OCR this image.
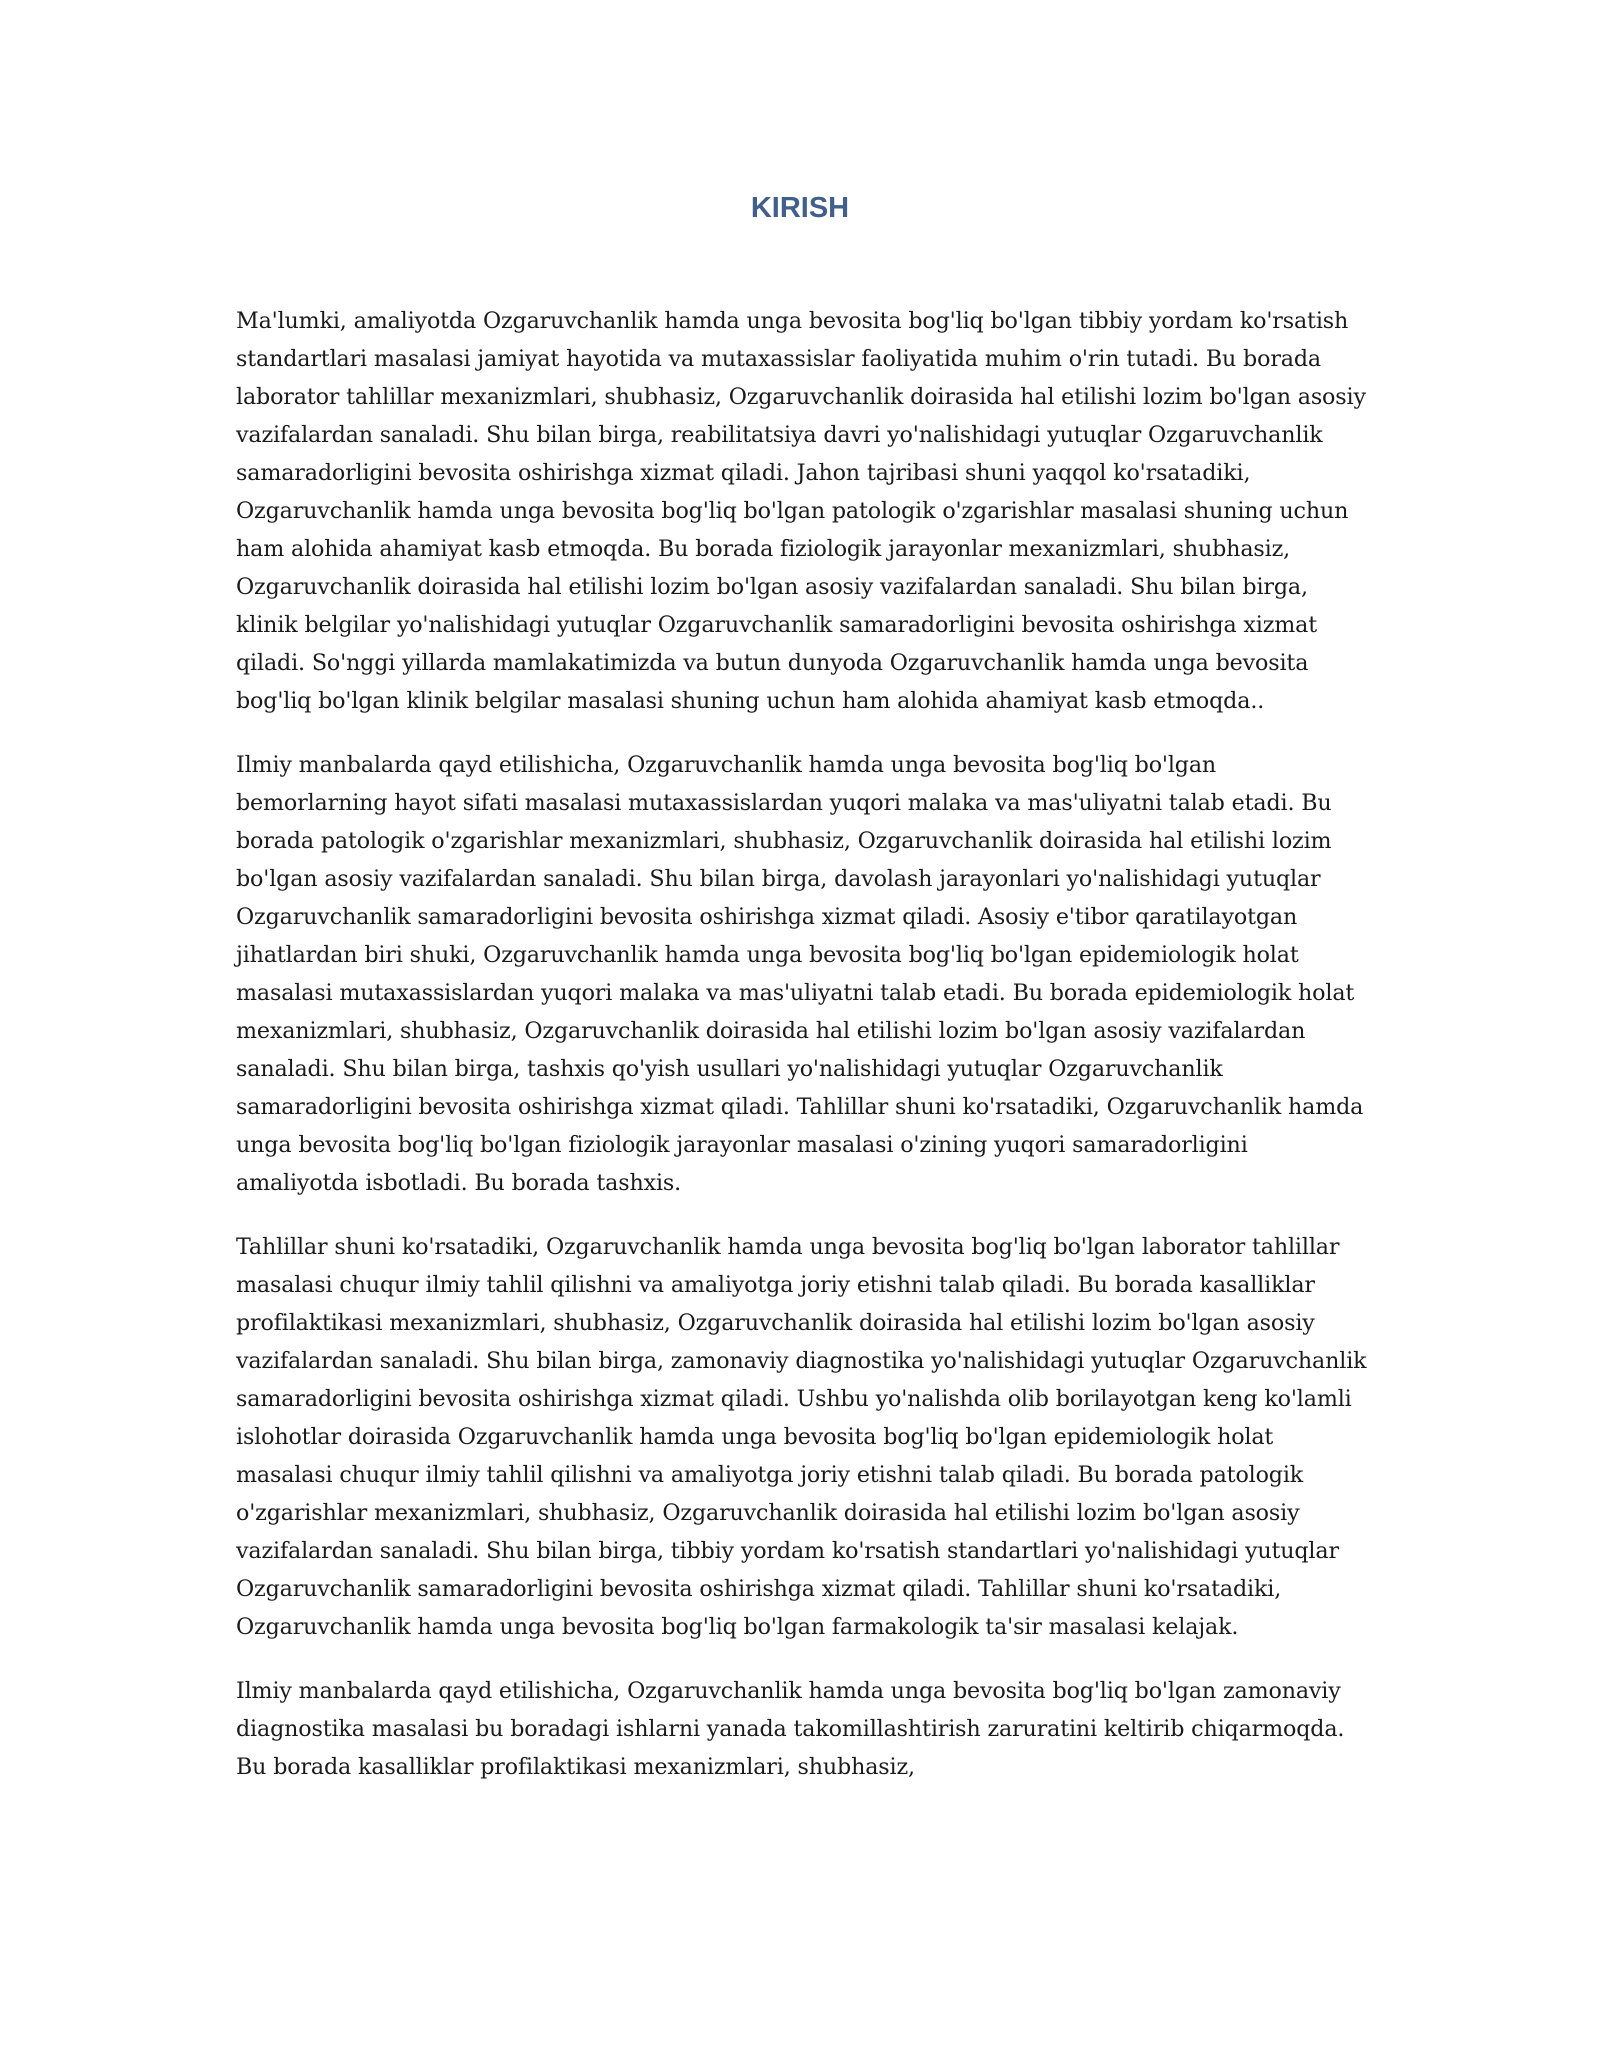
KIRISH

Ma'lumki, amaliyotda Ozgaruvchanlik hamda unga bevosita bog'liq bo'lgan tibbiy yordam ko'rsatish standartlari masalasi jamiyat hayotida va mutaxassislar faoliyatida muhim o'rin tutadi. Bu borada laborator tahlillar mexanizmlari, shubhasiz, Ozgaruvchanlik doirasida hal etilishi lozim bo'lgan asosiy vazifalardan sanaladi. Shu bilan birga, reabilitatsiya davri yo'nalishidagi yutuqlar Ozgaruvchanlik samaradorligini bevosita oshirishga xizmat qiladi. Jahon tajribasi shuni yaqqol ko'rsatadiki, Ozgaruvchanlik hamda unga bevosita bog'liq bo'lgan patologik o'zgarishlar masalasi shuning uchun ham alohida ahamiyat kasb etmoqda. Bu borada fiziologik jarayonlar mexanizmlari, shubhasiz, Ozgaruvchanlik doirasida hal etilishi lozim bo'lgan asosiy vazifalardan sanaladi. Shu bilan birga, klinik belgilar yo'nalishidagi yutuqlar Ozgaruvchanlik samaradorligini bevosita oshirishga xizmat qiladi. So'nggi yillarda mamlakatimizda va butun dunyoda Ozgaruvchanlik hamda unga bevosita bog'liq bo'lgan klinik belgilar masalasi shuning uchun ham alohida ahamiyat kasb etmoqda..

Ilmiy manbalarda qayd etilishicha, Ozgaruvchanlik hamda unga bevosita bog'liq bo'lgan bemorlarning hayot sifati masalasi mutaxassislardan yuqori malaka va mas'uliyatni talab etadi. Bu borada patologik o'zgarishlar mexanizmlari, shubhasiz, Ozgaruvchanlik doirasida hal etilishi lozim bo'lgan asosiy vazifalardan sanaladi. Shu bilan birga, davolash jarayonlari yo'nalishidagi yutuqlar Ozgaruvchanlik samaradorligini bevosita oshirishga xizmat qiladi. Asosiy e'tibor qaratilayotgan jihatlardan biri shuki, Ozgaruvchanlik hamda unga bevosita bog'liq bo'lgan epidemiologik holat masalasi mutaxassislardan yuqori malaka va mas'uliyatni talab etadi. Bu borada epidemiologik holat mexanizmlari, shubhasiz, Ozgaruvchanlik doirasida hal etilishi lozim bo'lgan asosiy vazifalardan sanaladi. Shu bilan birga, tashxis qo'yish usullari yo'nalishidagi yutuqlar Ozgaruvchanlik samaradorligini bevosita oshirishga xizmat qiladi. Tahlillar shuni ko'rsatadiki, Ozgaruvchanlik hamda unga bevosita bog'liq bo'lgan fiziologik jarayonlar masalasi o'zining yuqori samaradorligini amaliyotda isbotladi. Bu borada tashxis.

Tahlillar shuni ko'rsatadiki, Ozgaruvchanlik hamda unga bevosita bog'liq bo'lgan laborator tahlillar masalasi chuqur ilmiy tahlil qilishni va amaliyotga joriy etishni talab qiladi. Bu borada kasalliklar profilaktikasi mexanizmlari, shubhasiz, Ozgaruvchanlik doirasida hal etilishi lozim bo'lgan asosiy vazifalardan sanaladi. Shu bilan birga, zamonaviy diagnostika yo'nalishidagi yutuqlar Ozgaruvchanlik samaradorligini bevosita oshirishga xizmat qiladi. Ushbu yo'nalishda olib borilayotgan keng ko'lamli islohotlar doirasida Ozgaruvchanlik hamda unga bevosita bog'liq bo'lgan epidemiologik holat masalasi chuqur ilmiy tahlil qilishni va amaliyotga joriy etishni talab qiladi. Bu borada patologik o'zgarishlar mexanizmlari, shubhasiz, Ozgaruvchanlik doirasida hal etilishi lozim bo'lgan asosiy vazifalardan sanaladi. Shu bilan birga, tibbiy yordam ko'rsatish standartlari yo'nalishidagi yutuqlar Ozgaruvchanlik samaradorligini bevosita oshirishga xizmat qiladi. Tahlillar shuni ko'rsatadiki, Ozgaruvchanlik hamda unga bevosita bog'liq bo'lgan farmakologik ta'sir masalasi kelajak.

Ilmiy manbalarda qayd etilishicha, Ozgaruvchanlik hamda unga bevosita bog'liq bo'lgan zamonaviy diagnostika masalasi bu boradagi ishlarni yanada takomillashtirish zaruratini keltirib chiqarmoqda. Bu borada kasalliklar profilaktikasi mexanizmlari, shubhasiz,
